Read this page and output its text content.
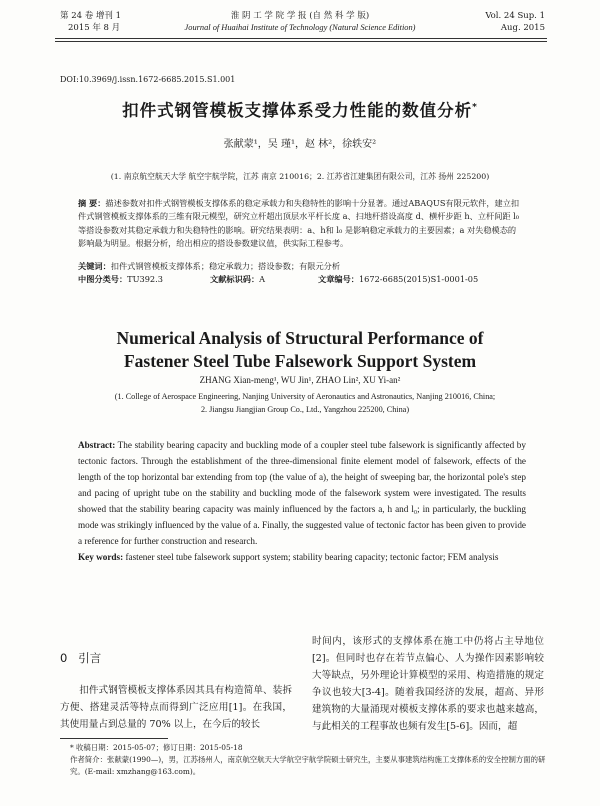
第 24 卷 增刊 1
2015 年 8 月
淮 阴 工 学 院 学 报 (自 然 科 学 版)
Journal of Huaihai Institute of Technology (Natural Science Edition)
Vol. 24 Sup. 1
Aug. 2015
DOI:10.3969/j.issn.1672-6685.2015.S1.001
扣件式钢管模板支撑体系受力性能的数值分析*
张献蒙¹，吴 瑾¹，赵 林²，徐轶安²
(1. 南京航空航天大学 航空宇航学院，江苏 南京 210016；2. 江苏省江建集团有限公司，江苏 扬州 225200)
摘 要：描述参数对扣件式钢管模板支撑体系的稳定承载力和失稳特性的影响十分显著。通过ABAQUS有限元软件，建立扣件式钢管模板支撑体系的三维有限元模型，研究立杆超出顶层水平杆长度 a、扫地杆搭设高度 d、横杆步距 h、立杆间距 l₀ 等搭设参数对其稳定承载力和失稳特性的影响。研究结果表明：a、h和 l₀ 是影响稳定承载力的主要因素；a 对失稳模态的影响最为明显。根据分析，给出相应的搭设参数建议值，供实际工程参考。
关键词：扣件式钢管模板支撑体系；稳定承载力；搭设参数；有限元分析
中图分类号：TU392.3	文献标识码：A	文章编号：1672-6685(2015)S1-0001-05
Numerical Analysis of Structural Performance of
Fastener Steel Tube Falsework Support System
ZHANG Xian-meng¹, WU Jin¹, ZHAO Lin², XU Yi-an²
(1. College of Aerospace Engineering, Nanjing University of Aeronautics and Astronautics, Nanjing 210016, China;
2. Jiangsu Jiangjian Group Co., Ltd., Yangzhou 225200, China)
Abstract: The stability bearing capacity and buckling mode of a coupler steel tube falsework is significantly affected by tectonic factors. Through the establishment of the three-dimensional finite element model of falsework, effects of the length of the top horizontal bar extending from top (the value of a), the height of sweeping bar, the horizontal pole's step and pacing of upright tube on the stability and buckling mode of the falsework system were investigated. The results showed that the stability bearing capacity was mainly influenced by the factors a, h and l₀; in particularly, the buckling mode was strikingly influenced by the value of a. Finally, the suggested value of tectonic factor has been given to provide a reference for further construction and research.
Key words: fastener steel tube falsework support system; stability bearing capacity; tectonic factor; FEM analysis
0 引言
扣件式钢管模板支撑体系因其具有构造简单、装拆方便、搭建灵活等特点而得到广泛应用[1]。在我国，其使用量占到总量的 70% 以上，在今后的较长
时间内，该形式的支撑体系在施工中仍将占主导地位[2]。但同时也存在若节点偏心、人为操作因素影响较大等缺点，另外理论计算模型的采用、构造措施的规定争议也较大[3-4]。随着我国经济的发展，超高、异形建筑物的大量涌现对模板支撑体系的要求也越来越高，与此相关的工程事故也频有发生[5-6]。因而，超
* 收稿日期：2015-05-07；修订日期：2015-05-18
作者简介：张献蒙(1990—)，男，江苏扬州人，南京航空航天大学航空宇航学院硕士研究生，主要从事建筑结构施工支撑体系的安全控制方面的研究。(E-mail: xmzhang@163.com)。
